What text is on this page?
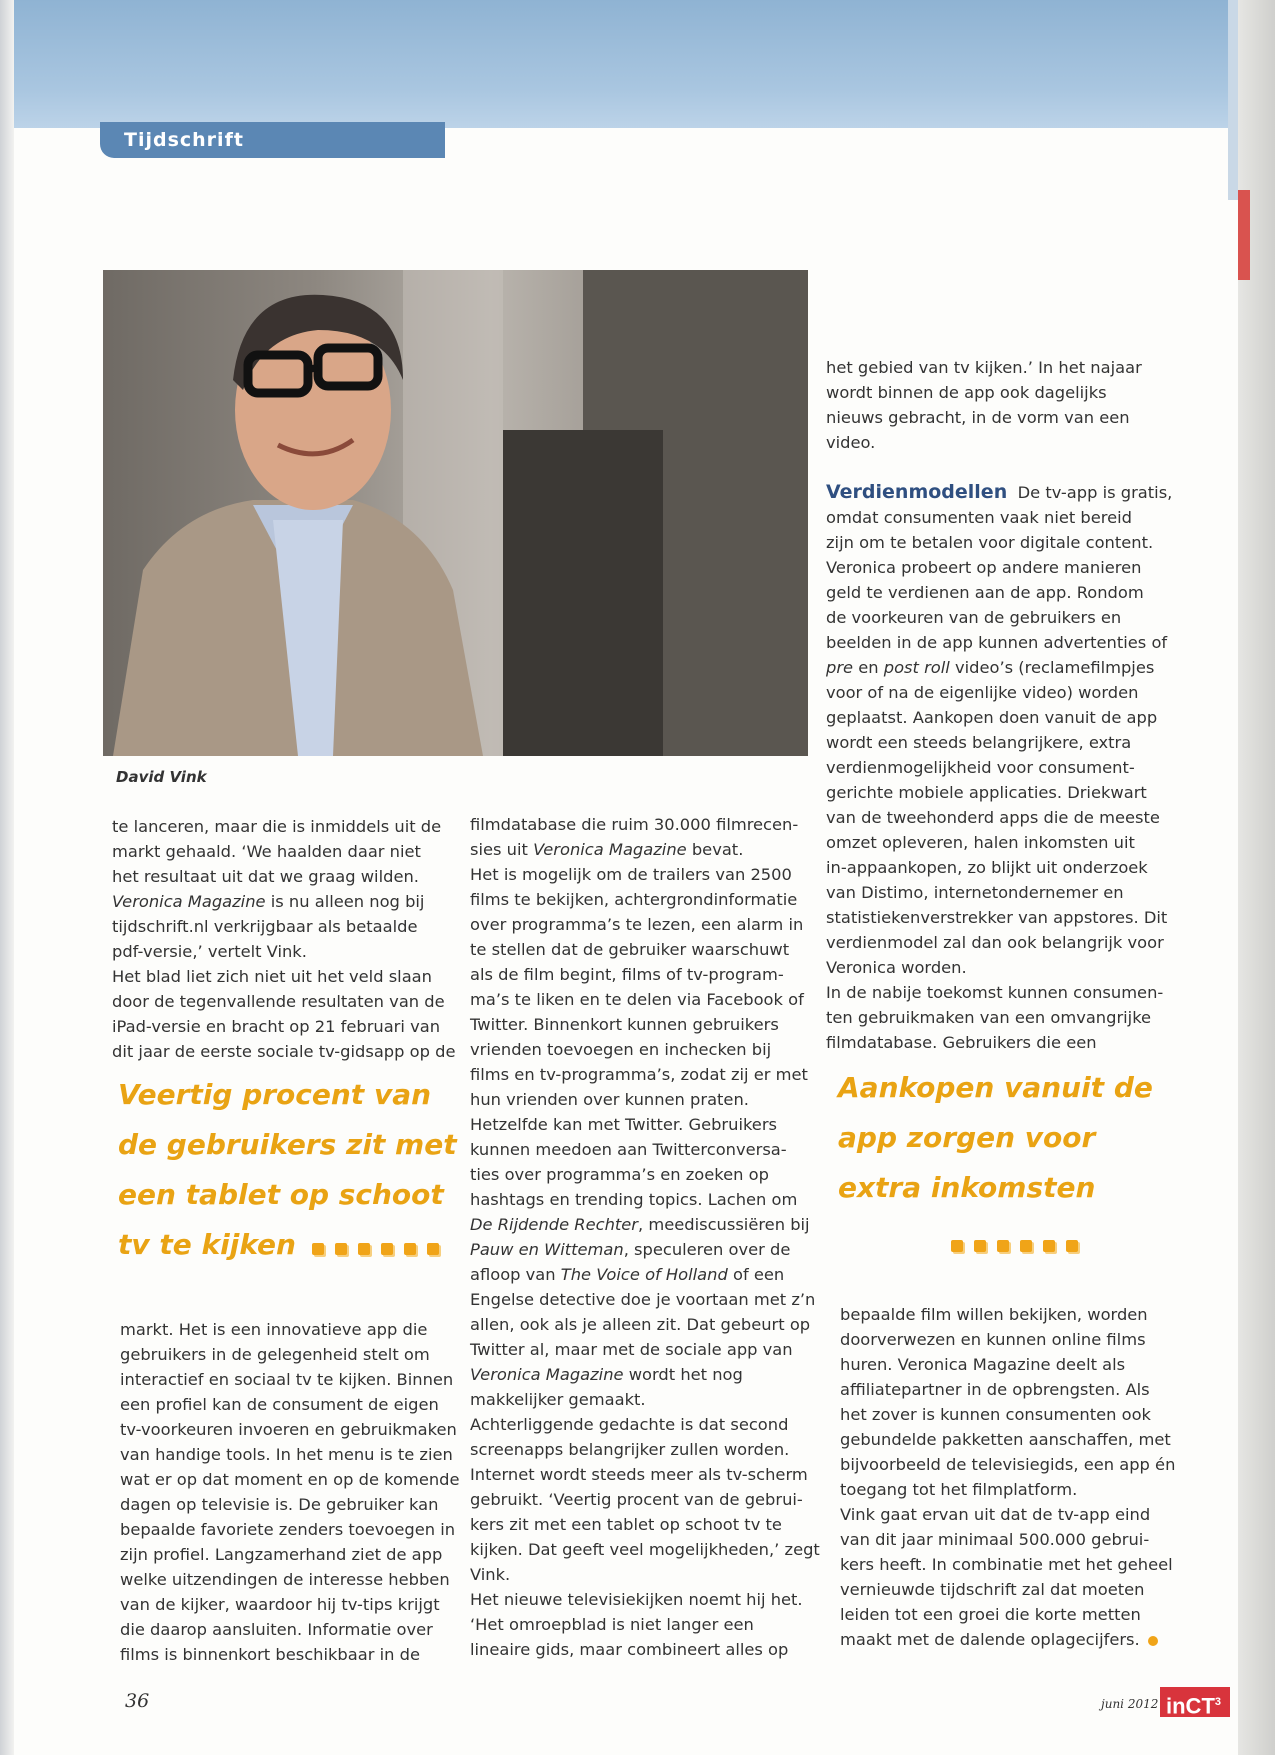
Tijdschrift
David Vink

te lanceren, maar die is inmiddels uit de

markt gehaald. ‘We haalden daar niet

het resultaat uit dat we graag wilden.

Veronica Magazine is nu alleen nog bij

tijdschrift.nl verkrijgbaar als betaalde

pdf-versie,’ vertelt Vink.

Het blad liet zich niet uit het veld slaan

door de tegenvallende resultaten van de

iPad-versie en bracht op 21 februari van

dit jaar de eerste sociale tv-gidsapp op de

Veertig procent van de gebruikers zit met een tablet op schoot tv te kijken

markt. Het is een innovatieve app die

gebruikers in de gelegenheid stelt om

interactief en sociaal tv te kijken. Binnen

een profiel kan de consument de eigen

tv-voorkeuren invoeren en gebruikmaken

van handige tools. In het menu is te zien

wat er op dat moment en op de komende

dagen op televisie is. De gebruiker kan

bepaalde favoriete zenders toevoegen in

zijn profiel. Langzamerhand ziet de app

welke uitzendingen de interesse hebben

van de kijker, waardoor hij tv-tips krijgt

die daarop aansluiten. Informatie over

films is binnenkort beschikbaar in de

filmdatabase die ruim 30.000 filmrecen-

sies uit Veronica Magazine bevat.

Het is mogelijk om de trailers van 2500

films te bekijken, achtergrondinformatie

over programma’s te lezen, een alarm in

te stellen dat de gebruiker waarschuwt

als de film begint, films of tv-program-

ma’s te liken en te delen via Facebook of

Twitter. Binnenkort kunnen gebruikers

vrienden toevoegen en inchecken bij

films en tv-programma’s, zodat zij er met

hun vrienden over kunnen praten.

Hetzelfde kan met Twitter. Gebruikers

kunnen meedoen aan Twitterconversa-

ties over programma’s en zoeken op

hashtags en trending topics. Lachen om

De Rijdende Rechter, meediscussiëren bij

Pauw en Witteman, speculeren over de

afloop van The Voice of Holland of een

Engelse detective doe je voortaan met z’n

allen, ook als je alleen zit. Dat gebeurt op

Twitter al, maar met de sociale app van

Veronica Magazine wordt het nog

makkelijker gemaakt.

Achterliggende gedachte is dat second

screenapps belangrijker zullen worden.

Internet wordt steeds meer als tv-scherm

gebruikt. ‘Veertig procent van de gebrui-

kers zit met een tablet op schoot tv te

kijken. Dat geeft veel mogelijkheden,’ zegt

Vink.

Het nieuwe televisiekijken noemt hij het.

‘Het omroepblad is niet langer een

lineaire gids, maar combineert alles op

het gebied van tv kijken.’ In het najaar

wordt binnen de app ook dagelijks

nieuws gebracht, in de vorm van een

video.

Verdienmodellen De tv-app is gratis,

omdat consumenten vaak niet bereid

zijn om te betalen voor digitale content.

Veronica probeert op andere manieren

geld te verdienen aan de app. Rondom

de voorkeuren van de gebruikers en

beelden in de app kunnen advertenties of

pre en post roll video’s (reclamefilmpjes

voor of na de eigenlijke video) worden

geplaatst. Aankopen doen vanuit de app

wordt een steeds belangrijkere, extra

verdienmogelijkheid voor consument-

gerichte mobiele applicaties. Driekwart

van de tweehonderd apps die de meeste

omzet opleveren, halen inkomsten uit

in-appaankopen, zo blijkt uit onderzoek

van Distimo, internetondernemer en

statistiekenverstrekker van appstores. Dit

verdienmodel zal dan ook belangrijk voor

Veronica worden.

In de nabije toekomst kunnen consumen-

ten gebruikmaken van een omvangrijke

filmdatabase. Gebruikers die een

Aankopen vanuit de app zorgen voor extra inkomsten

bepaalde film willen bekijken, worden

doorverwezen en kunnen online films

huren. Veronica Magazine deelt als

affiliatepartner in de opbrengsten. Als

het zover is kunnen consumenten ook

gebundelde pakketten aanschaffen, met

bijvoorbeeld de televisiegids, een app én

toegang tot het filmplatform.

Vink gaat ervan uit dat de tv-app eind

van dit jaar minimaal 500.000 gebrui-

kers heeft. In combinatie met het geheel

vernieuwde tijdschrift zal dat moeten

leiden tot een groei die korte metten

maakt met de dalende oplagecijfers.

36	juni 2012 inCT$^3$
